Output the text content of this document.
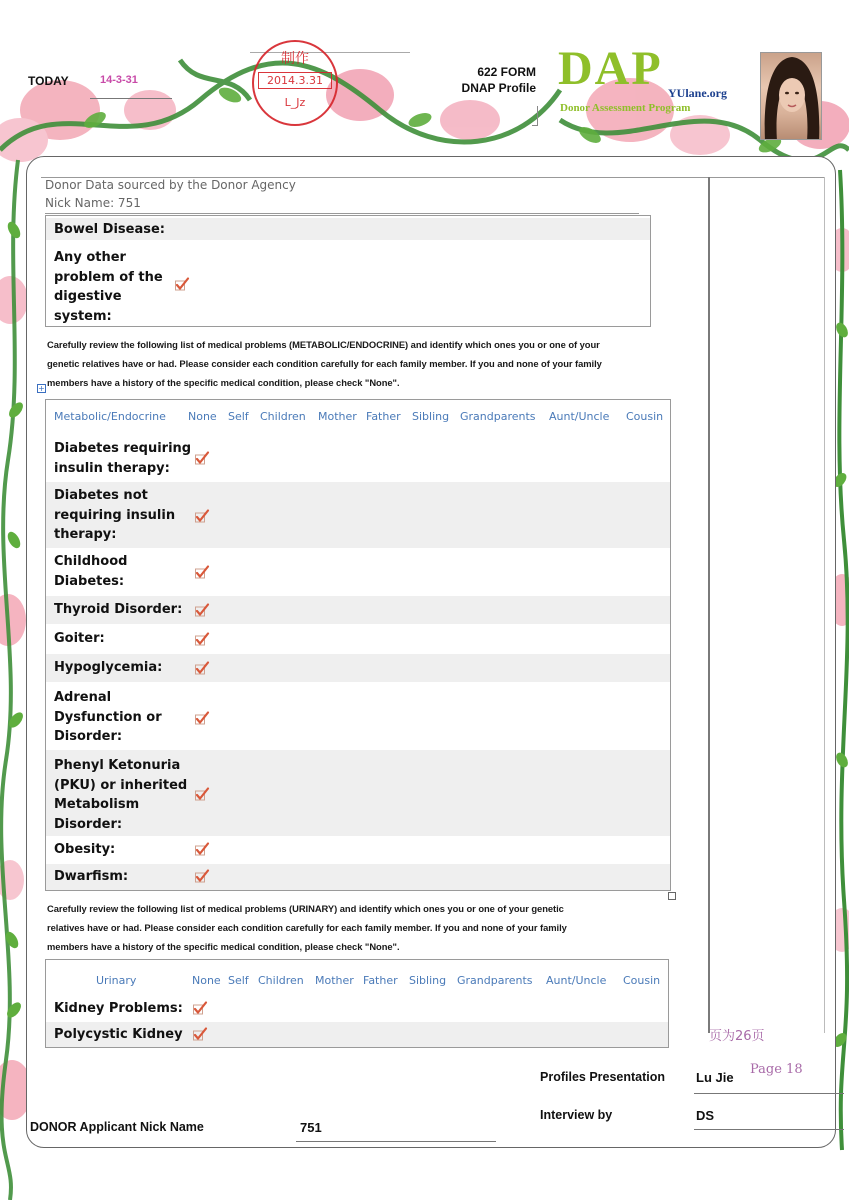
TODAY	14-3-31
制作
2014.3.31
L_Jz
622 FORM
DNAP Profile DAP YUlane.org
Donor Assessment Program
Donor Data sourced by the Donor Agency
Nick Name: 751
Bowel Disease:
Any other problem of the digestive system:
Carefully review the following list of medical problems (METABOLIC/ENDOCRINE) and identify which ones you or one of your
genetic relatives have or had. Please consider each condition carefully for each family member. If you and none of your family
members have a history of the specific medical condition, please check "None".
+
Metabolic/Endocrine None Self Children Mother Father Sibling Grandparents Aunt/Uncle Cousin
Diabetes requiring insulin therapy:
Diabetes not requiring insulin therapy:
Childhood Diabetes:
Thyroid Disorder:
Goiter:
Hypoglycemia:
Adrenal Dysfunction or Disorder:
Phenyl Ketonuria (PKU) or inherited Metabolism Disorder:
Obesity:
Dwarfism:
Carefully review the following list of medical problems (URINARY) and identify which ones you or one of your genetic
relatives have or had. Please consider each condition carefully for each family member. If you and none of your family
members have a history of the specific medical condition, please check "None".
Urinary	None Self Children Mother Father Sibling Grandparents Aunt/Uncle Cousin
Kidney Problems:
Polycystic Kidney	页为26页
Profiles Presentation Lu Jie
Page 18
Interview by	DS
DONOR Applicant Nick Name	751
